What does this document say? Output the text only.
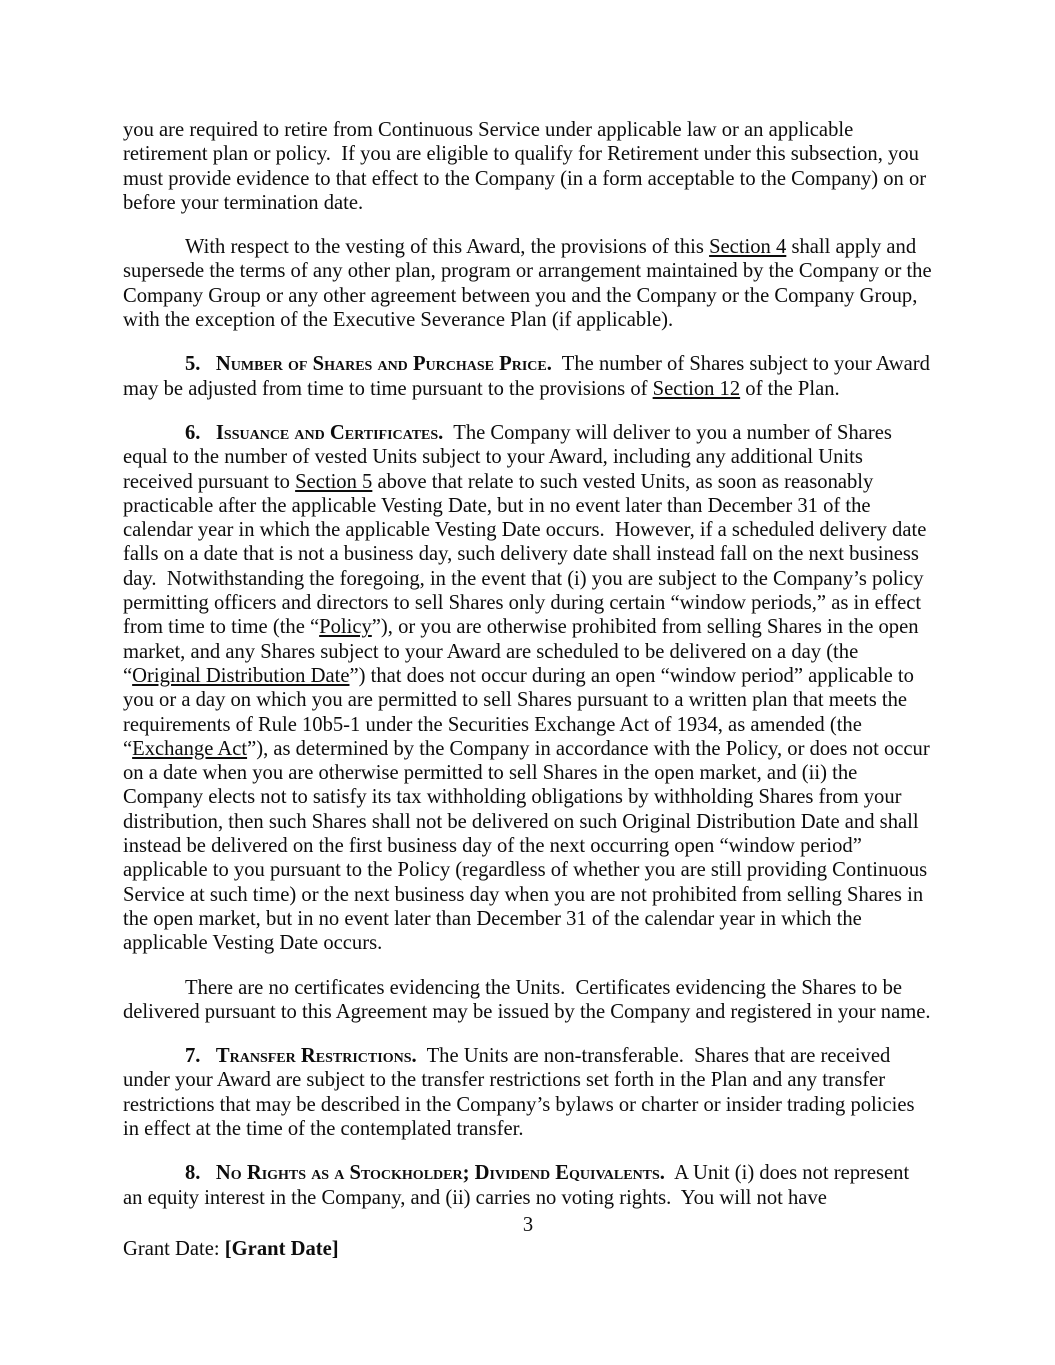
you are required to retire from Continuous Service under applicable law or an applicable retirement plan or policy.  If you are eligible to qualify for Retirement under this subsection, you must provide evidence to that effect to the Company (in a form acceptable to the Company) on or before your termination date.

With respect to the vesting of this Award, the provisions of this Section 4 shall apply and supersede the terms of any other plan, program or arrangement maintained by the Company or the Company Group or any other agreement between you and the Company or the Company Group, with the exception of the Executive Severance Plan (if applicable).

5. Number of Shares and Purchase Price.  The number of Shares subject to your Award may be adjusted from time to time pursuant to the provisions of Section 12 of the Plan.

6. Issuance and Certificates.  The Company will deliver to you a number of Shares equal to the number of vested Units subject to your Award, including any additional Units received pursuant to Section 5 above that relate to such vested Units, as soon as reasonably practicable after the applicable Vesting Date, but in no event later than December 31 of the calendar year in which the applicable Vesting Date occurs.  However, if a scheduled delivery date falls on a date that is not a business day, such delivery date shall instead fall on the next business day.  Notwithstanding the foregoing, in the event that (i) you are subject to the Company’s policy permitting officers and directors to sell Shares only during certain “window periods,” as in effect from time to time (the “Policy”), or you are otherwise prohibited from selling Shares in the open market, and any Shares subject to your Award are scheduled to be delivered on a day (the “Original Distribution Date”) that does not occur during an open “window period” applicable to you or a day on which you are permitted to sell Shares pursuant to a written plan that meets the requirements of Rule 10b5-1 under the Securities Exchange Act of 1934, as amended (the “Exchange Act”), as determined by the Company in accordance with the Policy, or does not occur on a date when you are otherwise permitted to sell Shares in the open market, and (ii) the Company elects not to satisfy its tax withholding obligations by withholding Shares from your distribution, then such Shares shall not be delivered on such Original Distribution Date and shall instead be delivered on the first business day of the next occurring open “window period” applicable to you pursuant to the Policy (regardless of whether you are still providing Continuous Service at such time) or the next business day when you are not prohibited from selling Shares in the open market, but in no event later than December 31 of the calendar year in which the applicable Vesting Date occurs.

There are no certificates evidencing the Units.  Certificates evidencing the Shares to be delivered pursuant to this Agreement may be issued by the Company and registered in your name.

7. Transfer Restrictions.  The Units are non-transferable.  Shares that are received under your Award are subject to the transfer restrictions set forth in the Plan and any transfer restrictions that may be described in the Company’s bylaws or charter or insider trading policies in effect at the time of the contemplated transfer.

8. No Rights as a Stockholder; Dividend Equivalents.  A Unit (i) does not represent an equity interest in the Company, and (ii) carries no voting rights.  You will not have

3

Grant Date: [Grant Date]
